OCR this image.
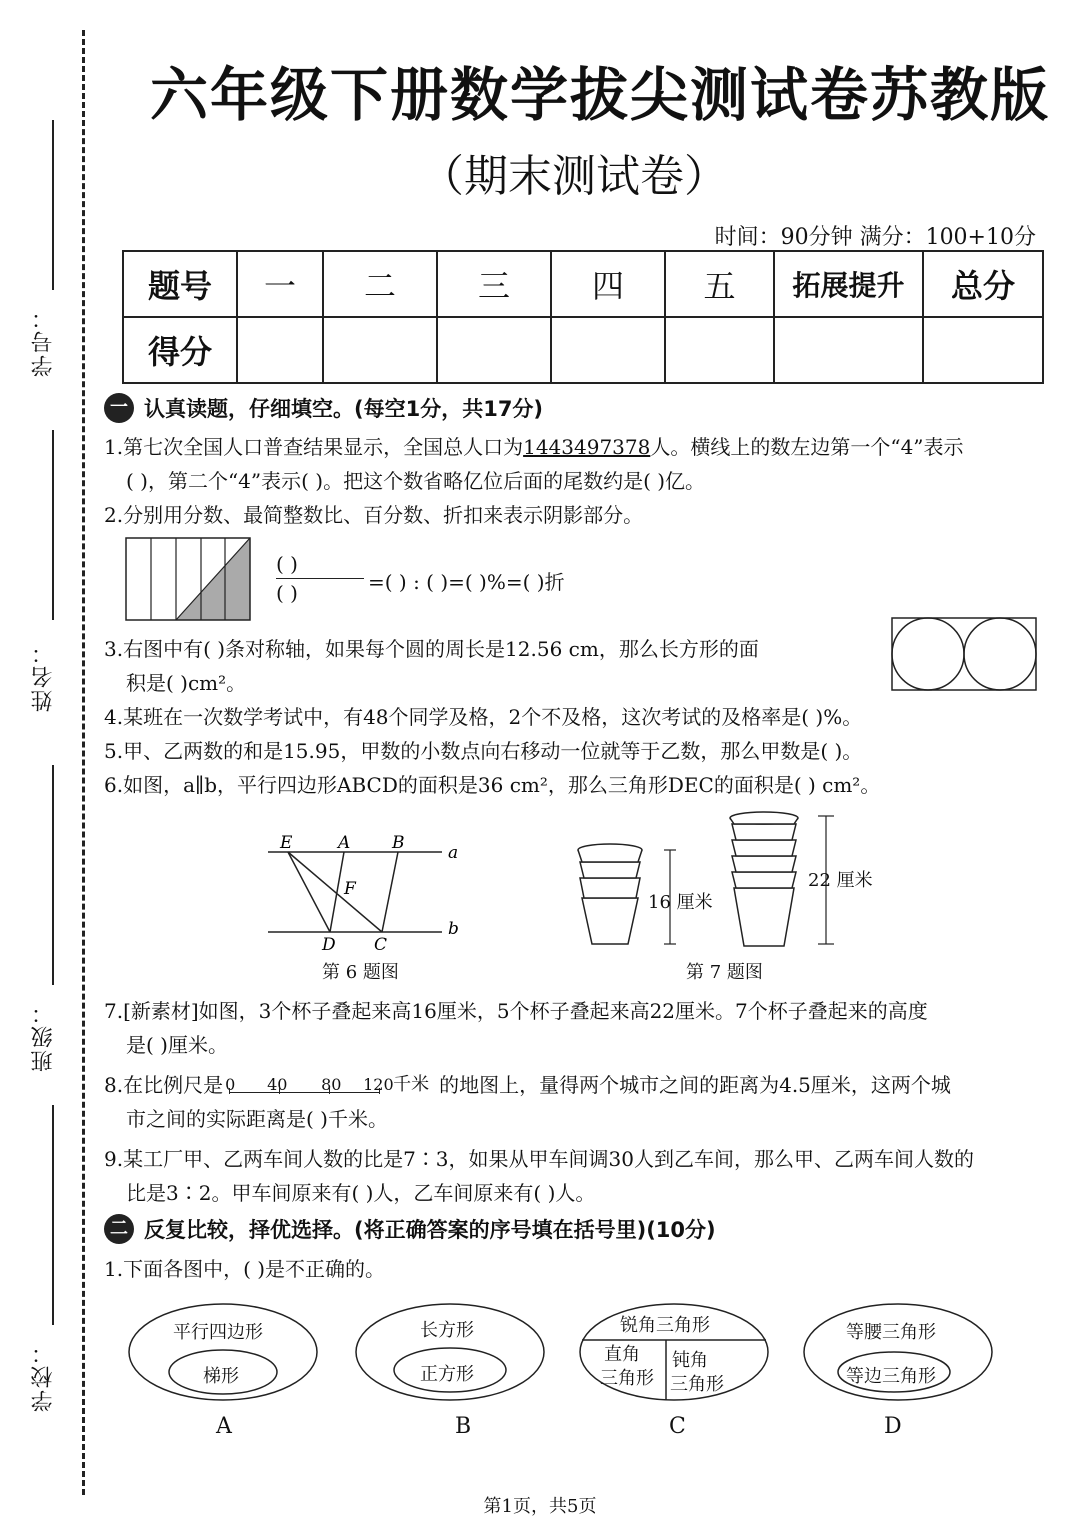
学号：
姓名：
班级：
学校：
六年级下册数学拔尖测试卷苏教版
（期末测试卷）
时间：90分钟 满分：100+10分
题号	一	二	三	四	五	拓展提升	总分
得分							
一 认真读题，仔细填空。(每空1分，共17分)
1.第七次全国人口普查结果显示，全国总人口为1443497378人。横线上的数左边第一个“4”表示
( )，第二个“4”表示( )。把这个数省略亿位后面的尾数约是( )亿。
2.分别用分数、最简整数比、百分数、折扣来表示阴影部分。
( )
( )	=( ) : ( )=( )%=( )折
3.右图中有( )条对称轴，如果每个圆的周长是12.56 cm，那么长方形的面
积是( )cm²。
4.某班在一次数学考试中，有48个同学及格，2个不及格，这次考试的及格率是( )%。
5.甲、乙两数的和是15.95，甲数的小数点向右移动一位就等于乙数，那么甲数是( )。
6.如图，a∥b，平行四边形ABCD的面积是36 cm²，那么三角形DEC的面积是( ) cm²。
E	A B	a
F
D C
b
第 6 题图
16 厘米
22 厘米
第 7 题图
7.[新素材]如图，3个杯子叠起来高16厘米，5个杯子叠起来高22厘米。7个杯子叠起来的高度
是( )厘米。
8.在比例尺是 0 40 80 120 千米 的地图上，量得两个城市之间的距离为4.5厘米，这两个城
市之间的实际距离是( )千米。
9.某工厂甲、乙两车间人数的比是7∶3，如果从甲车间调30人到乙车间，那么甲、乙两车间人数的
比是3∶2。甲车间原来有( )人，乙车间原来有( )人。
二 反复比较，择优选择。(将正确答案的序号填在括号里)(10分)
1.下面各图中，( )是不正确的。
平行四边形
梯形
长方形
正方形
锐角三角形
直角
三角形
钝角
三角形
等腰三角形
等边三角形
A	B	C	D
第1页，共5页
